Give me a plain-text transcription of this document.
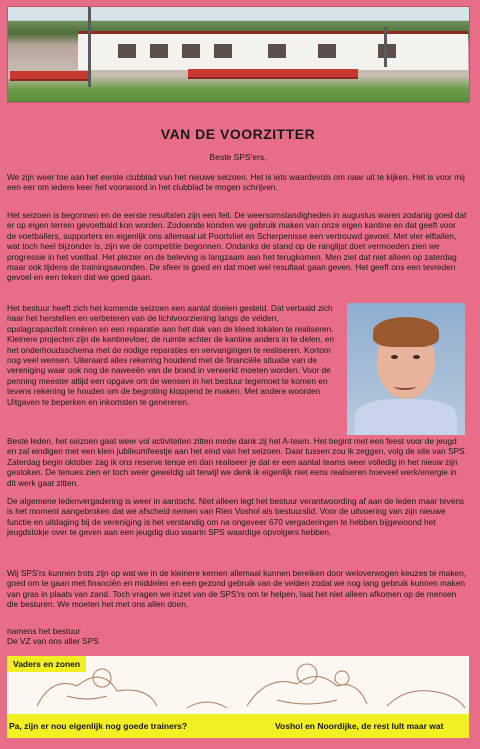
VAN DE VOORZITTER
Beste SPS'ers,

We zijn weer toe aan het eerste clubblad van het nieuwe seizoen. Het is iets waardevols om naar uit te kijken. Het is voor mij een eer om iedere keer het voorwoord in het clubblad te mogen schrijven.

Het seizoen is begonnen en de eerste resultaten zijn een feit. De weersomstandigheden in augustus waren zodanig goed dat er op eigen terrein gevoetbald kon worden. Zodoende konden we gebruik maken van onze eigen kantine en dat geeft voor de voetballers, supporters en eigenlijk ons allemaal uit Poortvliet en Scherpenisse een vertrouwd gevoel. Met vier elftallen, wat toch heel bijzonder is, zijn we de competitie begonnen. Ondanks de stand op de ranglijst doet vermoeden zien we progressie in het voetbal. Het plezier en de beleving is langzaam aan het terugkomen. Men ziet dat niet alleen op zaterdag maar ook tijdens de trainingsavonden. De sfeer is goed en dat moet wel resultaat gaan geven. Het geeft ons een tevreden gevoel en een teken dat we goed gaan.

Het bestuur heeft zich het komende seizoen een aantal doelen gesteld. Dat vertaald zich naar het herstellen en verbeteren van de lichtvoorziening langs de velden, opslagcapaciteit creëren en een reparatie aan het dak van de kleed lokalen te realiseren. Kleinere projecten zijn de kantinevloer, de ruimte achter de kantine anders in te delen, en het onderhoudsschema met de nodige reparaties en vervangingen te realiseren. Kortom nog veel wensen. Uiteraard alles rekening houdend met de financiële situatie van de vereniging waar ook nog de naweeën van de brand in verwerkt moeten worden. Voor de penning meester altijd een opgave om de wensen in het bestuur tegemoet te komen en tevens rekening te houden om de begroting kloppend te maken. Met andere woorden Uitgaven te beperken en inkomsten te genereren.

Beste leden, het seizoen gaat weer vol activiteiten zitten mede dank zij het A-team. Het begint met een feest voor de jeugd en zal eindigen met een klein jubileumfeestje aan het eind van het seizoen. Daar tussen zou ik zeggen, volg de site van SPS. Zaterdag begin oktober zag ik ons reserve tenue en dan realiseer je dat er een aantal teams weer volledig in het nieuw zijn gestoken. De tenues zien er toch weer geweldig uit terwijl we denk ik eigenlijk niet eens realiseren hoeveel werk/energie in dit werk gaat zitten.

De algemene ledenvergadering is weer in aantocht. Niet alleen legt het bestuur verantwoording af aan de leden maar tevens is het moment aangebroken dat we afscheid nemen van Rien Voshol als bestuurslid. Voor de uitvoering van zijn nieuwe functie en uitdaging bij de vereniging is het verstandig om na ongeveer 670 vergaderingen te hebben bijgewoond het jeugdstokje over te geven aan een jeugdig duo waarin SPS waardige opvolgers hebben.

Wij SPS'rs kunnen trots zijn op wat we in de kleinere kernen allemaal kunnen bereiken door weloverwogen keuzes te maken, goed om te gaan met financiën en middelen en een gezond gebruik van de velden zodat we nog lang gebruik kunnen maken van gras in plaats van zand. Toch vragen we inzet van de SPS'rs om te helpen, laat het niet alleen afkomen op de mensen die besturen. We moeten het met ons allen doen.

namens het bestuur

De VZ van ons aller SPS

Vaders en zonen
Pa, zijn er nou eigenlijk nog goede trainers?	Voshol en Noordijke, de rest lult maar wat
